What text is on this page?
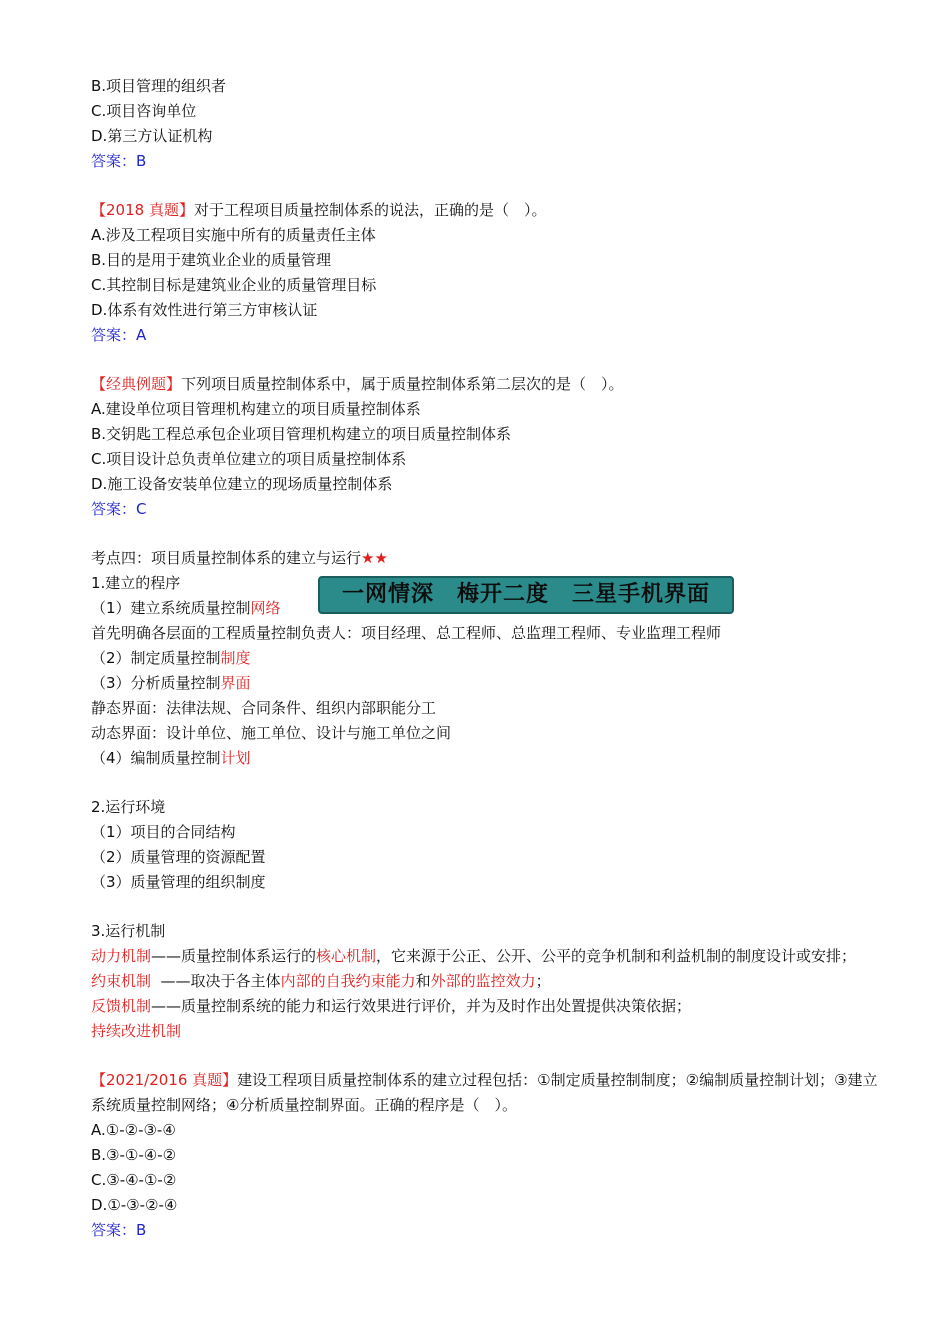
B.项目管理的组织者
C.项目咨询单位
D.第三方认证机构
答案：B
【2018 真题】对于工程项目质量控制体系的说法，正确的是（　）。
A.涉及工程项目实施中所有的质量责任主体
B.目的是用于建筑业企业的质量管理
C.其控制目标是建筑业企业的质量管理目标
D.体系有效性进行第三方审核认证
答案：A
【经典例题】下列项目质量控制体系中，属于质量控制体系第二层次的是（　）。
A.建设单位项目管理机构建立的项目质量控制体系
B.交钥匙工程总承包企业项目管理机构建立的项目质量控制体系
C.项目设计总负责单位建立的项目质量控制体系
D.施工设备安装单位建立的现场质量控制体系
答案：C
考点四：项目质量控制体系的建立与运行★★
1.建立的程序
（1）建立系统质量控制网络
首先明确各层面的工程质量控制负责人：项目经理、总工程师、总监理工程师、专业监理工程师
（2）制定质量控制制度
（3）分析质量控制界面
静态界面：法律法规、合同条件、组织内部职能分工
动态界面：设计单位、施工单位、设计与施工单位之间
（4）编制质量控制计划
2.运行环境
（1）项目的合同结构
（2）质量管理的资源配置
（3）质量管理的组织制度
3.运行机制
动力机制——质量控制体系运行的核心机制，它来源于公正、公开、公平的竞争机制和利益机制的制度设计或安排；
约束机制  ——取决于各主体内部的自我约束能力和外部的监控效力；
反馈机制——质量控制系统的能力和运行效果进行评价，并为及时作出处置提供决策依据；
持续改进机制
【2021/2016 真题】建设工程项目质量控制体系的建立过程包括：①制定质量控制制度；②编制质量控制计划；③建立系统质量控制网络；④分析质量控制界面。正确的程序是（　）。
A.①-②-③-④
B.③-①-④-②
C.③-④-①-②
D.①-③-②-④
答案：B
一网情深　梅开二度　三星手机界面
